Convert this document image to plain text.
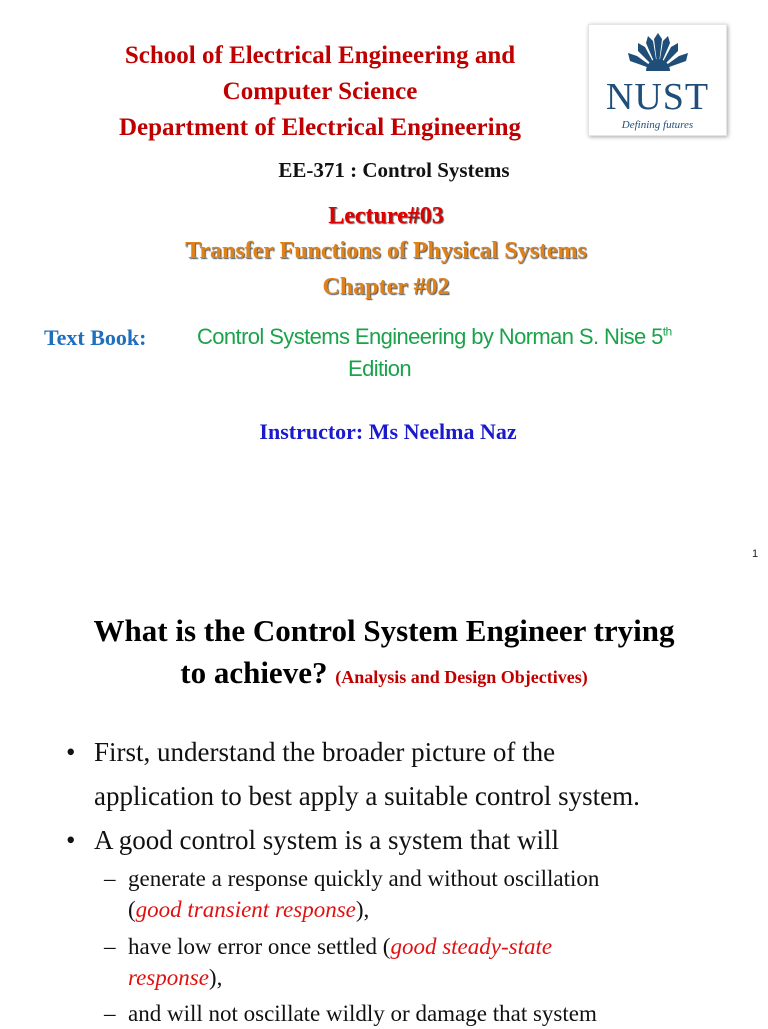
School of Electrical Engineering and
Computer Science
Department of Electrical Engineering
NUST
Defining futures
EE-371 : Control Systems
Lecture#03
Transfer Functions of Physical Systems
Chapter #02
Text Book: Control Systems Engineering by Norman S. Nise 5th
Edition
Instructor: Ms Neelma Naz
1
What is the Control System Engineer trying
to achieve? (Analysis and Design Objectives)
• First, understand the broader picture of the
application to best apply a suitable control system.
• A good control system is a system that will
– generate a response quickly and without oscillation
(good transient response),
– have low error once settled (good steady-state
response),
– and will not oscillate wildly or damage that system
